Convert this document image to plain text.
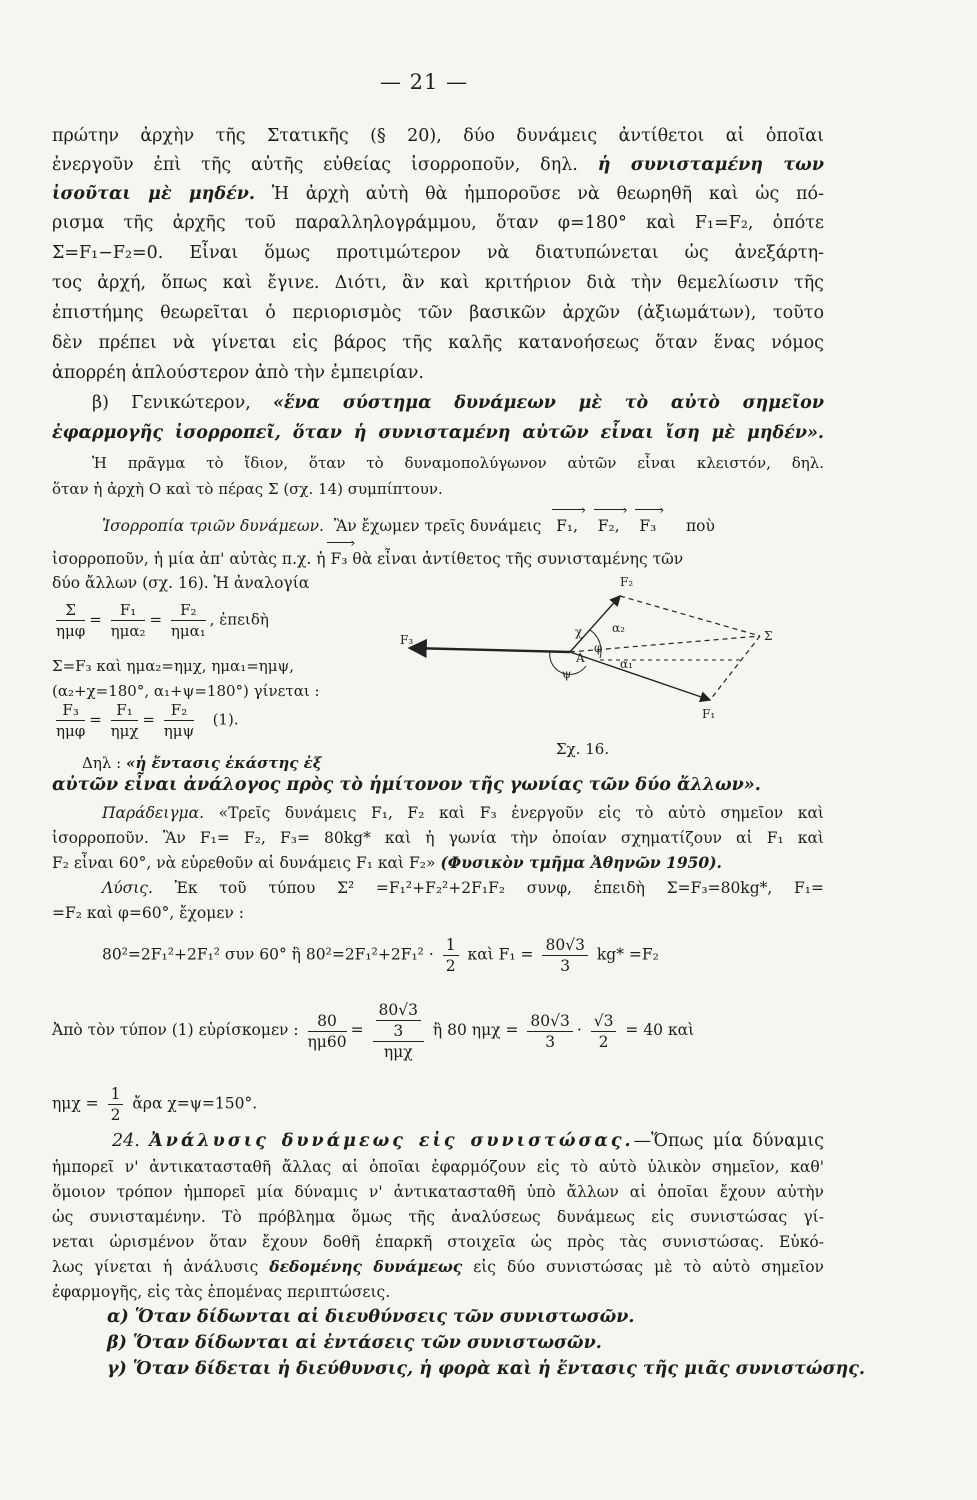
— 21 —
πρώτην ἀρχὴν τῆς Στατικῆς (§ 20), δύο δυνάμεις ἀντίθετοι αἱ ὁποῖαι
ἐνεργοῦν ἐπὶ τῆς αὐτῆς εὐθείας ἰσορροποῦν, δηλ. ἡ συνισταμένη των
ἰσοῦται μὲ μηδέν. Ἡ ἀρχὴ αὐτὴ θὰ ἠμποροῦσε νὰ θεωρηθῆ καὶ ὡς πό-
ρισμα τῆς ἀρχῆς τοῦ παραλληλογράμμου, ὅταν φ=180° καὶ F₁=F₂, ὁπότε
Σ=F₁−F₂=0. Εἶναι ὅμως προτιμώτερον νὰ διατυπώνεται ὡς ἀνεξάρτη-
τος ἀρχή, ὅπως καὶ ἔγινε. Διότι, ἂν καὶ κριτήριον διὰ τὴν θεμελίωσιν τῆς
ἐπιστήμης θεωρεῖται ὁ περιορισμὸς τῶν βασικῶν ἀρχῶν (ἀξιωμάτων), τοῦτο
δὲν πρέπει νὰ γίνεται εἰς βάρος τῆς καλῆς κατανοήσεως ὅταν ἕνας νόμος
ἀπορρέη ἁπλούστερον ἀπὸ τὴν ἐμπειρίαν.
β) Γενικώτερον, «ἕνα σύστημα δυνάμεων μὲ τὸ αὐτὸ σημεῖον
ἐφαρμογῆς ἰσορροπεῖ, ὅταν ἡ συνισταμένη αὐτῶν εἶναι ἴση μὲ μηδέν».
Ἡ πρᾶγμα τὸ ἴδιον, ὅταν τὸ δυναμοπολύγωνον αὐτῶν εἶναι κλειστόν, δηλ.
ὅταν ἡ ἀρχὴ Ο καὶ τὸ πέρας Σ (σχ. 14) συμπίπτουν.
Ἰσορροπία τριῶν δυνάμεων. Ἂν ἔχωμεν τρεῖς δυνάμεις F₁, › F₂, › F₃ › ποὺ
ἰσορροποῦν, ἡ μία ἀπ' αὐτὰς π.χ. ἡ F₃ › θὰ εἶναι ἀντίθετος τῆς συνισταμένης τῶν
δύο ἄλλων (σχ. 16). Ἡ ἀναλογία
$\frac{\Sigma}{\text{ημφ}} = \frac{\text{F₁}}{\text{ημα₂}} = \frac{\text{F₂}}{\text{ημα₁}}$ , ἐπειδὴ
Σ=F₃ καὶ ημα₂=ημχ, ημα₁=ημψ,
(α₂+χ=180°, α₁+ψ=180°) γίνεται :
$\frac{\text{F₃}}{\text{ημφ}} = \frac{\text{F₁}}{\text{ημχ}} = \frac{\text{F₂}}{\text{ημψ}} (1)$.
Δηλ : «ἡ ἔντασις ἑκάστης ἐξ
F₂
F₃
F₁
Σ
χ
ψ
A
φ
α₂
α₁
Σχ. 16.
αὐτῶν εἶναι ἀνάλογος πρὸς τὸ ἡμίτονον τῆς γωνίας τῶν δύο ἄλλων».
Παράδειγμα. «Τρεῖς δυνάμεις F₁, F₂ καὶ F₃ ἐνεργοῦν εἰς τὸ αὐτὸ σημεῖον καὶ
ἰσορροποῦν. Ἂν F₁= F₂, F₃= 80kg* καὶ ἡ γωνία τὴν ὁποίαν σχηματίζουν αἱ F₁ καὶ
F₂ εἶναι 60°, νὰ εὑρεθοῦν αἱ δυνάμεις F₁ καὶ F₂» (Φυσικὸν τμῆμα Ἀθηνῶν 1950).
Λύσις. Ἐκ τοῦ τύπου Σ² =F₁²+F₂²+2F₁F₂ συνφ, ἐπειδὴ Σ=F₃=80kg*, F₁=
=F₂ καὶ φ=60°, ἔχομεν :
80²=2F₁²+2F₁² συν 60° ἢ $80^2=2F_1^2+2F_1^2 \cdot \frac{1}{2}$ καὶ $F_1 = \frac{80√3}{3} kg* =F_2$
Ἀπὸ τὸν τύπον (1) εὑρίσκομεν : $\frac{80}{\eta\mu 60} = \frac{\frac{80√3}{3}}{\text{ημχ}}$ ἢ 80 $\eta\mu\chi = \frac{80√3}{3} \cdot \frac{√3}{2} = 40$ καὶ
$\eta\mu\chi = \frac{1}{2}$ ἄρα χ=ψ=150°.
24. Ἀνάλυσις δυνάμεως εἰς συνιστώσας.—Ὅπως μία δύναμις
ἠμπορεῖ ν' ἀντικατασταθῆ ἄλλας αἱ ὁποῖαι ἐφαρμόζουν εἰς τὸ αὐτὸ ὑλικὸν σημεῖον, καθ'
ὅμοιον τρόπον ἠμπορεῖ μία δύναμις ν' ἀντικατασταθῆ ὑπὸ ἄλλων αἱ ὁποῖαι ἔχουν αὐτὴν
ὡς συνισταμένην. Τὸ πρόβλημα ὅμως τῆς ἀναλύσεως δυνάμεως εἰς συνιστώσας γί-
νεται ὡρισμένον ὅταν ἔχουν δοθῆ ἐπαρκῆ στοιχεῖα ὡς πρὸς τὰς συνιστώσας. Εὐκό-
λως γίνεται ἡ ἀνάλυσις δεδομένης δυνάμεως εἰς δύο συνιστώσας μὲ τὸ αὐτὸ σημεῖον
ἐφαρμογῆς, εἰς τὰς ἑπομένας περιπτώσεις.
α) Ὅταν δίδωνται αἱ διευθύνσεις τῶν συνιστωσῶν.
β) Ὅταν δίδωνται αἱ ἐντάσεις τῶν συνιστωσῶν.
γ) Ὅταν δίδεται ἡ διεύθυνσις, ἡ φορὰ καὶ ἡ ἔντασις τῆς μιᾶς συνιστώσης.
